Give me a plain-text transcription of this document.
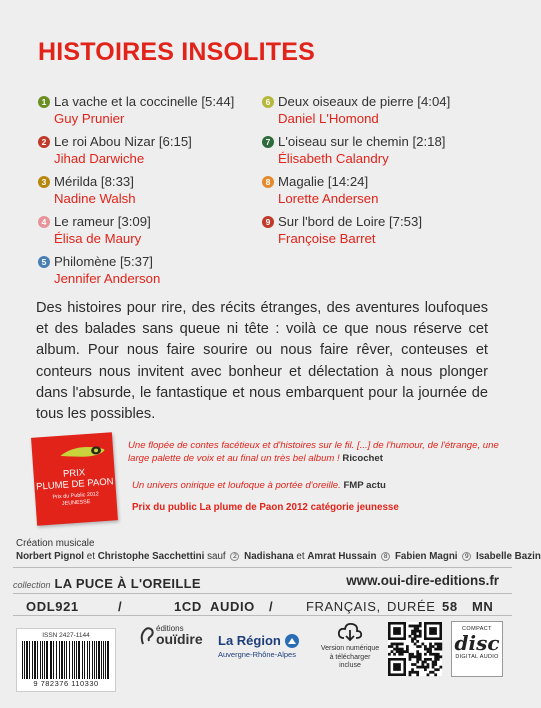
HISTOIRES INSOLITES
1 La vache et la coccinelle [5:44]
Guy Prunier
2 Le roi Abou Nizar [6:15]
Jihad Darwiche
3 Mérilda [8:33]
Nadine Walsh
4 Le rameur [3:09]
Élisa de Maury
5 Philomène [5:37]
Jennifer Anderson
6 Deux oiseaux de pierre [4:04]
Daniel L'Homond
7 L'oiseau sur le chemin [2:18]
Élisabeth Calandry
8 Magalie [14:24]
Lorette Andersen
9 Sur l'bord de Loire [7:53]
Françoise Barret

Des histoires pour rire, des récits étranges, des aventures loufoques et des balades sans queue ni tête : voilà ce que nous réserve cet album. Pour nous faire sourire ou nous faire rêver, conteuses et conteurs nous invitent avec bonheur et délectation à nous plonger dans l'absurde, le fantastique et nous embarquent pour la journée de tous les possibles.

PRIX
PLUME DE PAON
Prix du Public 2012
JEUNESSE
Une flopée de contes facétieux et d'histoires sur le fil. [...] de l'humour, de l'étrange, une large palette de voix et au final un très bel album ! Ricochet
Un univers onirique et loufoque à portée d'oreille. FMP actu
Prix du public La plume de Paon 2012 catégorie jeunesse
Création musicale
Norbert Pignol et Christophe Sacchettini sauf 2 Nadishana et Amrat Hussain 8 Fabien Magni 9 Isabelle Bazin
collection LA PUCE À L'OREILLE	www.oui-dire-editions.fr
ODL921	/	1CD AUDIO /	FRANÇAIS, DURÉE 58 MN
ISSN 2427-1144
9 782376 110330
éditions
ouïdire La Région
Auvergne-Rhône-Alpes
Version numérique à télécharger incluse
COMPACT
disc
DIGITAL AUDIO
